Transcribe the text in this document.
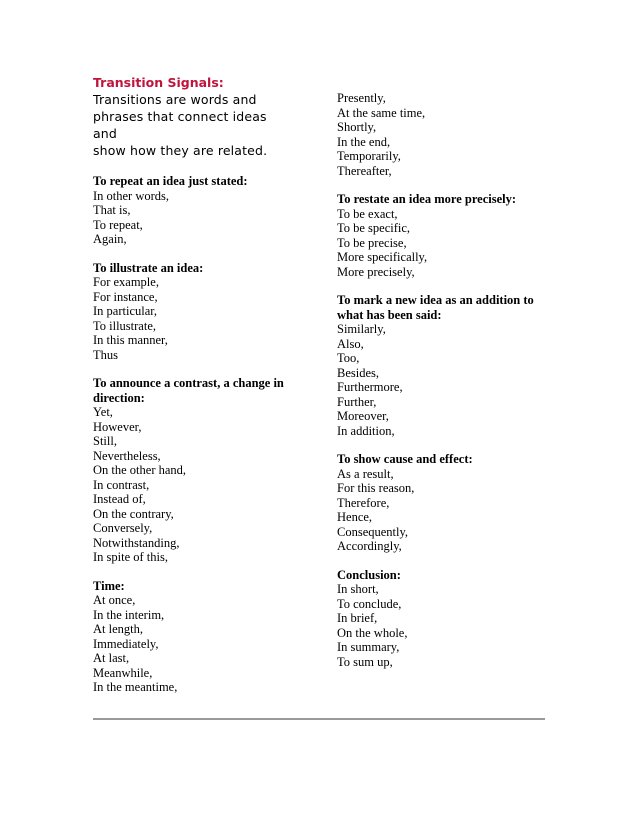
Transition Signals:

Transitions are words and

phrases that connect ideas and

show how they are related.

To repeat an idea just stated:

In other words,

That is,

To repeat,

Again,

To illustrate an idea:

For example,

For instance,

In particular,

To illustrate,

In this manner,

Thus

To announce a contrast, a change in

direction:

Yet,

However,

Still,

Nevertheless,

On the other hand,

In contrast,

Instead of,

On the contrary,

Conversely,

Notwithstanding,

In spite of this,

Time:

At once,

In the interim,

At length,

Immediately,

At last,

Meanwhile,

In the meantime,

Presently,

At the same time,

Shortly,

In the end,

Temporarily,

Thereafter,

To restate an idea more precisely:

To be exact,

To be specific,

To be precise,

More specifically,

More precisely,

To mark a new idea as an addition to

what has been said:

Similarly,

Also,

Too,

Besides,

Furthermore,

Further,

Moreover,

In addition,

To show cause and effect:

As a result,

For this reason,

Therefore,

Hence,

Consequently,

Accordingly,

Conclusion:

In short,

To conclude,

In brief,

On the whole,

In summary,

To sum up,
